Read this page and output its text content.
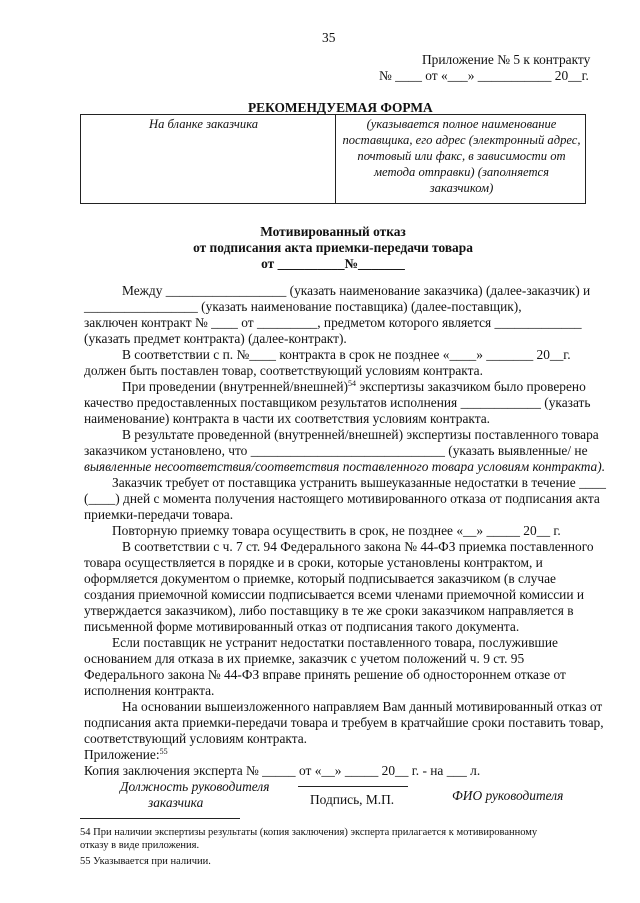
35
Приложение № 5 к контракту
№ ____ от «___» ___________ 20__г.
РЕКОМЕНДУЕМАЯ ФОРМА
На бланке заказчика	(указывается полное наименование
поставщика, его адрес (электронный адрес,
почтовый или факс, в зависимости от
метода отправки) (заполняется
заказчиком)
Мотивированный отказ
от подписания акта приемки-передачи товара
от __________№_______
Между __________________ (указать наименование заказчика) (далее-заказчик) и
_________________ (указать наименование поставщика) (далее-поставщик),
заключен контракт № ____ от _________, предметом которого является _____________
(указать предмет контракта) (далее-контракт).
В соответствии с п. №____ контракта в срок не позднее «____» _______ 20__г.
должен быть поставлен товар, соответствующий условиям контракта.
При проведении (внутренней/внешней)$^{54}$ экспертизы заказчиком было проверено
качество предоставленных поставщиком результатов исполнения ____________ (указать
наименование) контракта в части их соответствия условиям контракта.
В результате проведенной (внутренней/внешней) экспертизы поставленного товара
заказчиком установлено, что _____________________________ (указать выявленные/ не
выявленные несоответствия/соответствия поставленного товара условиям контракта).
Заказчик требует от поставщика устранить вышеуказанные недостатки в течение ____
(____) дней с момента получения настоящего мотивированного отказа от подписания акта
приемки-передачи товара.
Повторную приемку товара осуществить в срок, не позднее «__» _____ 20__ г.
В соответствии с ч. 7 ст. 94 Федерального закона № 44-ФЗ приемка поставленного
товара осуществляется в порядке и в сроки, которые установлены контрактом, и
оформляется документом о приемке, который подписывается заказчиком (в случае
создания приемочной комиссии подписывается всеми членами приемочной комиссии и
утверждается заказчиком), либо поставщику в те же сроки заказчиком направляется в
письменной форме мотивированный отказ от подписания такого документа.
Если поставщик не устранит недостатки поставленного товара, послужившие
основанием для отказа в их приемке, заказчик с учетом положений ч. 9 ст. 95
Федерального закона № 44-ФЗ вправе принять решение об одностороннем отказе от
исполнения контракта.
На основании вышеизложенного направляем Вам данный мотивированный отказ от
подписания акта приемки-передачи товара и требуем в кратчайшие сроки поставить товар,
соответствующий условиям контракта.
Приложение:$^{55}$
Копия заключения эксперта № _____ от «__» _____ 20__ г. - на ___ л.
Должность руководителя
заказчика	Подпись, М.П.	ФИО руководителя
54 При наличии экспертизы результаты (копия заключения) эксперта прилагается к мотивированному
отказу в виде приложения.
55 Указывается при наличии.
